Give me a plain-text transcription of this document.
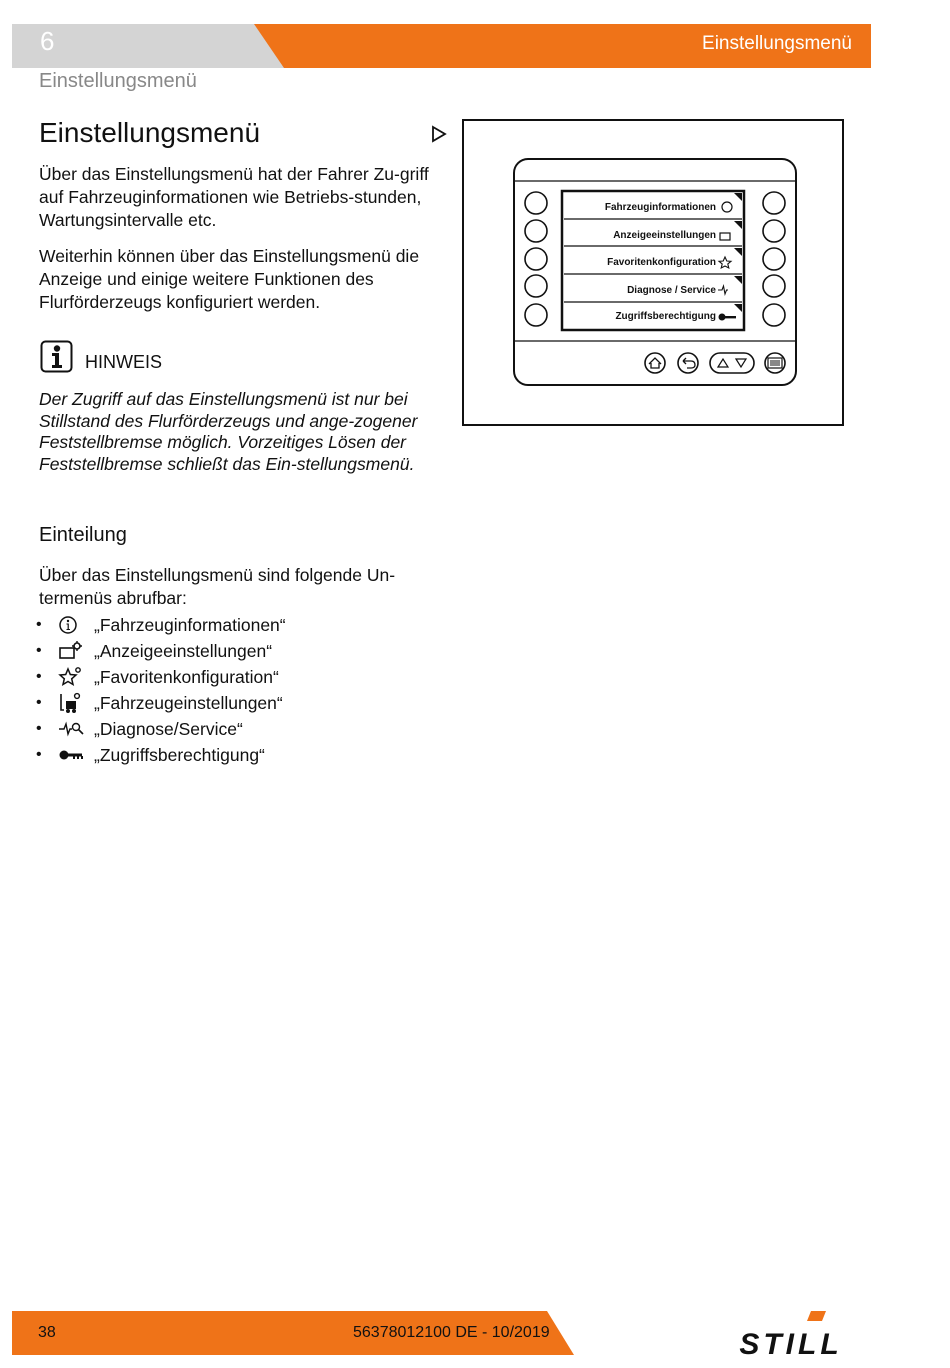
6	Einstellungsmenü
Einstellungsmenü
Einstellungsmenü

Über das Einstellungsmenü hat der Fahrer Zu-griff auf Fahrzeuginformationen wie Betriebs-stunden, Wartungsintervalle etc.

Weiterhin können über das Einstellungsmenü die Anzeige und einige weitere Funktionen des Flurförderzeugs konfiguriert werden.

HINWEIS

Der Zugriff auf das Einstellungsmenü ist nur bei Stillstand des Flurförderzeugs und ange-zogener Feststellbremse möglich. Vorzeitiges Lösen der Feststellbremse schließt das Ein-stellungsmenü.

Einteilung

Über das Einstellungsmenü sind folgende Un-termenüs abrufbar:

•	„Fahrzeuginformationen“
•	„Anzeigeeinstellungen“
•	„Favoritenkonfiguration“
•	„Fahrzeugeinstellungen“
•	„Diagnose/Service“
•	„Zugriffsberechtigung“
Fahrzeuginformationen
Anzeigeeinstellungen
Favoritenkonfiguration
Diagnose / Service
Zugriffsberechtigung
38	56378012100 DE - 10/2019	STILL
